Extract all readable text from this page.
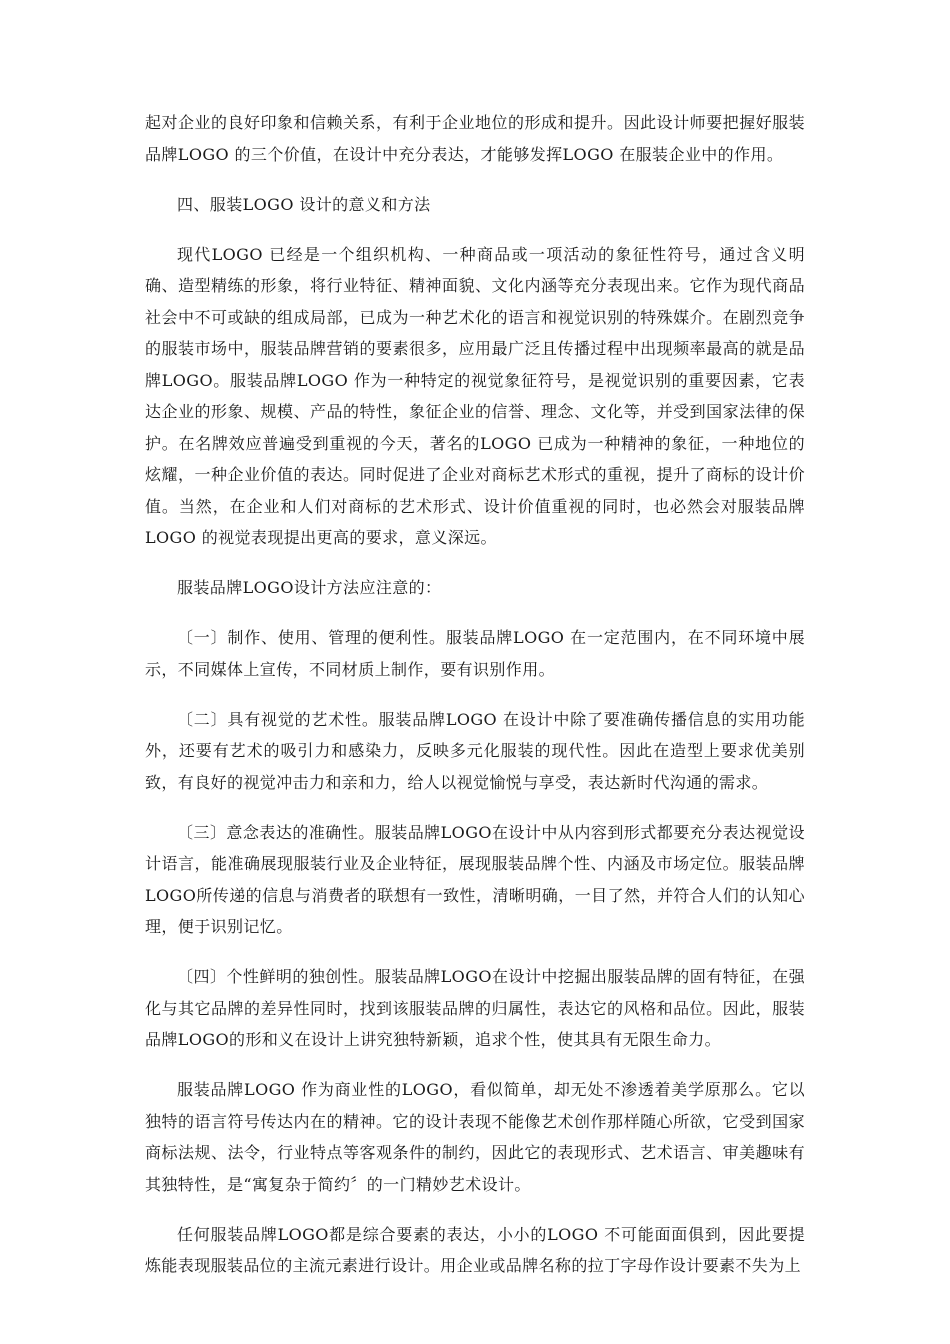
起对企业的良好印象和信赖关系，有利于企业地位的形成和提升。因此设计师要把握好服装品牌LOGO 的三个价值，在设计中充分表达，才能够发挥LOGO 在服装企业中的作用。

四、服装LOGO 设计的意义和方法

现代LOGO 已经是一个组织机构、一种商品或一项活动的象征性符号，通过含义明确、造型精练的形象，将行业特征、精神面貌、文化内涵等充分表现出来。它作为现代商品社会中不可或缺的组成局部，已成为一种艺术化的语言和视觉识别的特殊媒介。在剧烈竞争的服装市场中，服装品牌营销的要素很多，应用最广泛且传播过程中出现频率最高的就是品牌LOGO。服装品牌LOGO 作为一种特定的视觉象征符号，是视觉识别的重要因素，它表达企业的形象、规模、产品的特性，象征企业的信誉、理念、文化等，并受到国家法律的保护。在名牌效应普遍受到重视的今天，著名的LOGO 已成为一种精神的象征，一种地位的炫耀，一种企业价值的表达。同时促进了企业对商标艺术形式的重视，提升了商标的设计价值。当然，在企业和人们对商标的艺术形式、设计价值重视的同时，也必然会对服装品牌LOGO 的视觉表现提出更高的要求，意义深远。

服装品牌LOGO设计方法应注意的：

〔一〕制作、使用、管理的便利性。服装品牌LOGO 在一定范围内，在不同环境中展示，不同媒体上宣传，不同材质上制作，要有识别作用。

〔二〕具有视觉的艺术性。服装品牌LOGO 在设计中除了要准确传播信息的实用功能外，还要有艺术的吸引力和感染力，反映多元化服装的现代性。因此在造型上要求优美别致，有良好的视觉冲击力和亲和力，给人以视觉愉悦与享受，表达新时代沟通的需求。

〔三〕意念表达的准确性。服装品牌LOGO在设计中从内容到形式都要充分表达视觉设计语言，能准确展现服装行业及企业特征，展现服装品牌个性、内涵及市场定位。服装品牌LOGO所传递的信息与消费者的联想有一致性，清晰明确，一目了然，并符合人们的认知心理，便于识别记忆。

〔四〕个性鲜明的独创性。服装品牌LOGO在设计中挖掘出服装品牌的固有特征，在强化与其它品牌的差异性同时，找到该服装品牌的归属性，表达它的风格和品位。因此，服装品牌LOGO的形和义在设计上讲究独特新颖，追求个性，使其具有无限生命力。

服装品牌LOGO 作为商业性的LOGO，看似简单，却无处不渗透着美学原那么。它以独特的语言符号传达内在的精神。它的设计表现不能像艺术创作那样随心所欲，它受到国家商标法规、法令，行业特点等客观条件的制约，因此它的表现形式、艺术语言、审美趣味有其独特性，是“寓复杂于简约〞的一门精妙艺术设计。

任何服装品牌LOGO都是综合要素的表达，小小的LOGO 不可能面面俱到，因此要提炼能表现服装品位的主流元素进行设计。用企业或品牌名称的拉丁字母作设计要素不失为上
